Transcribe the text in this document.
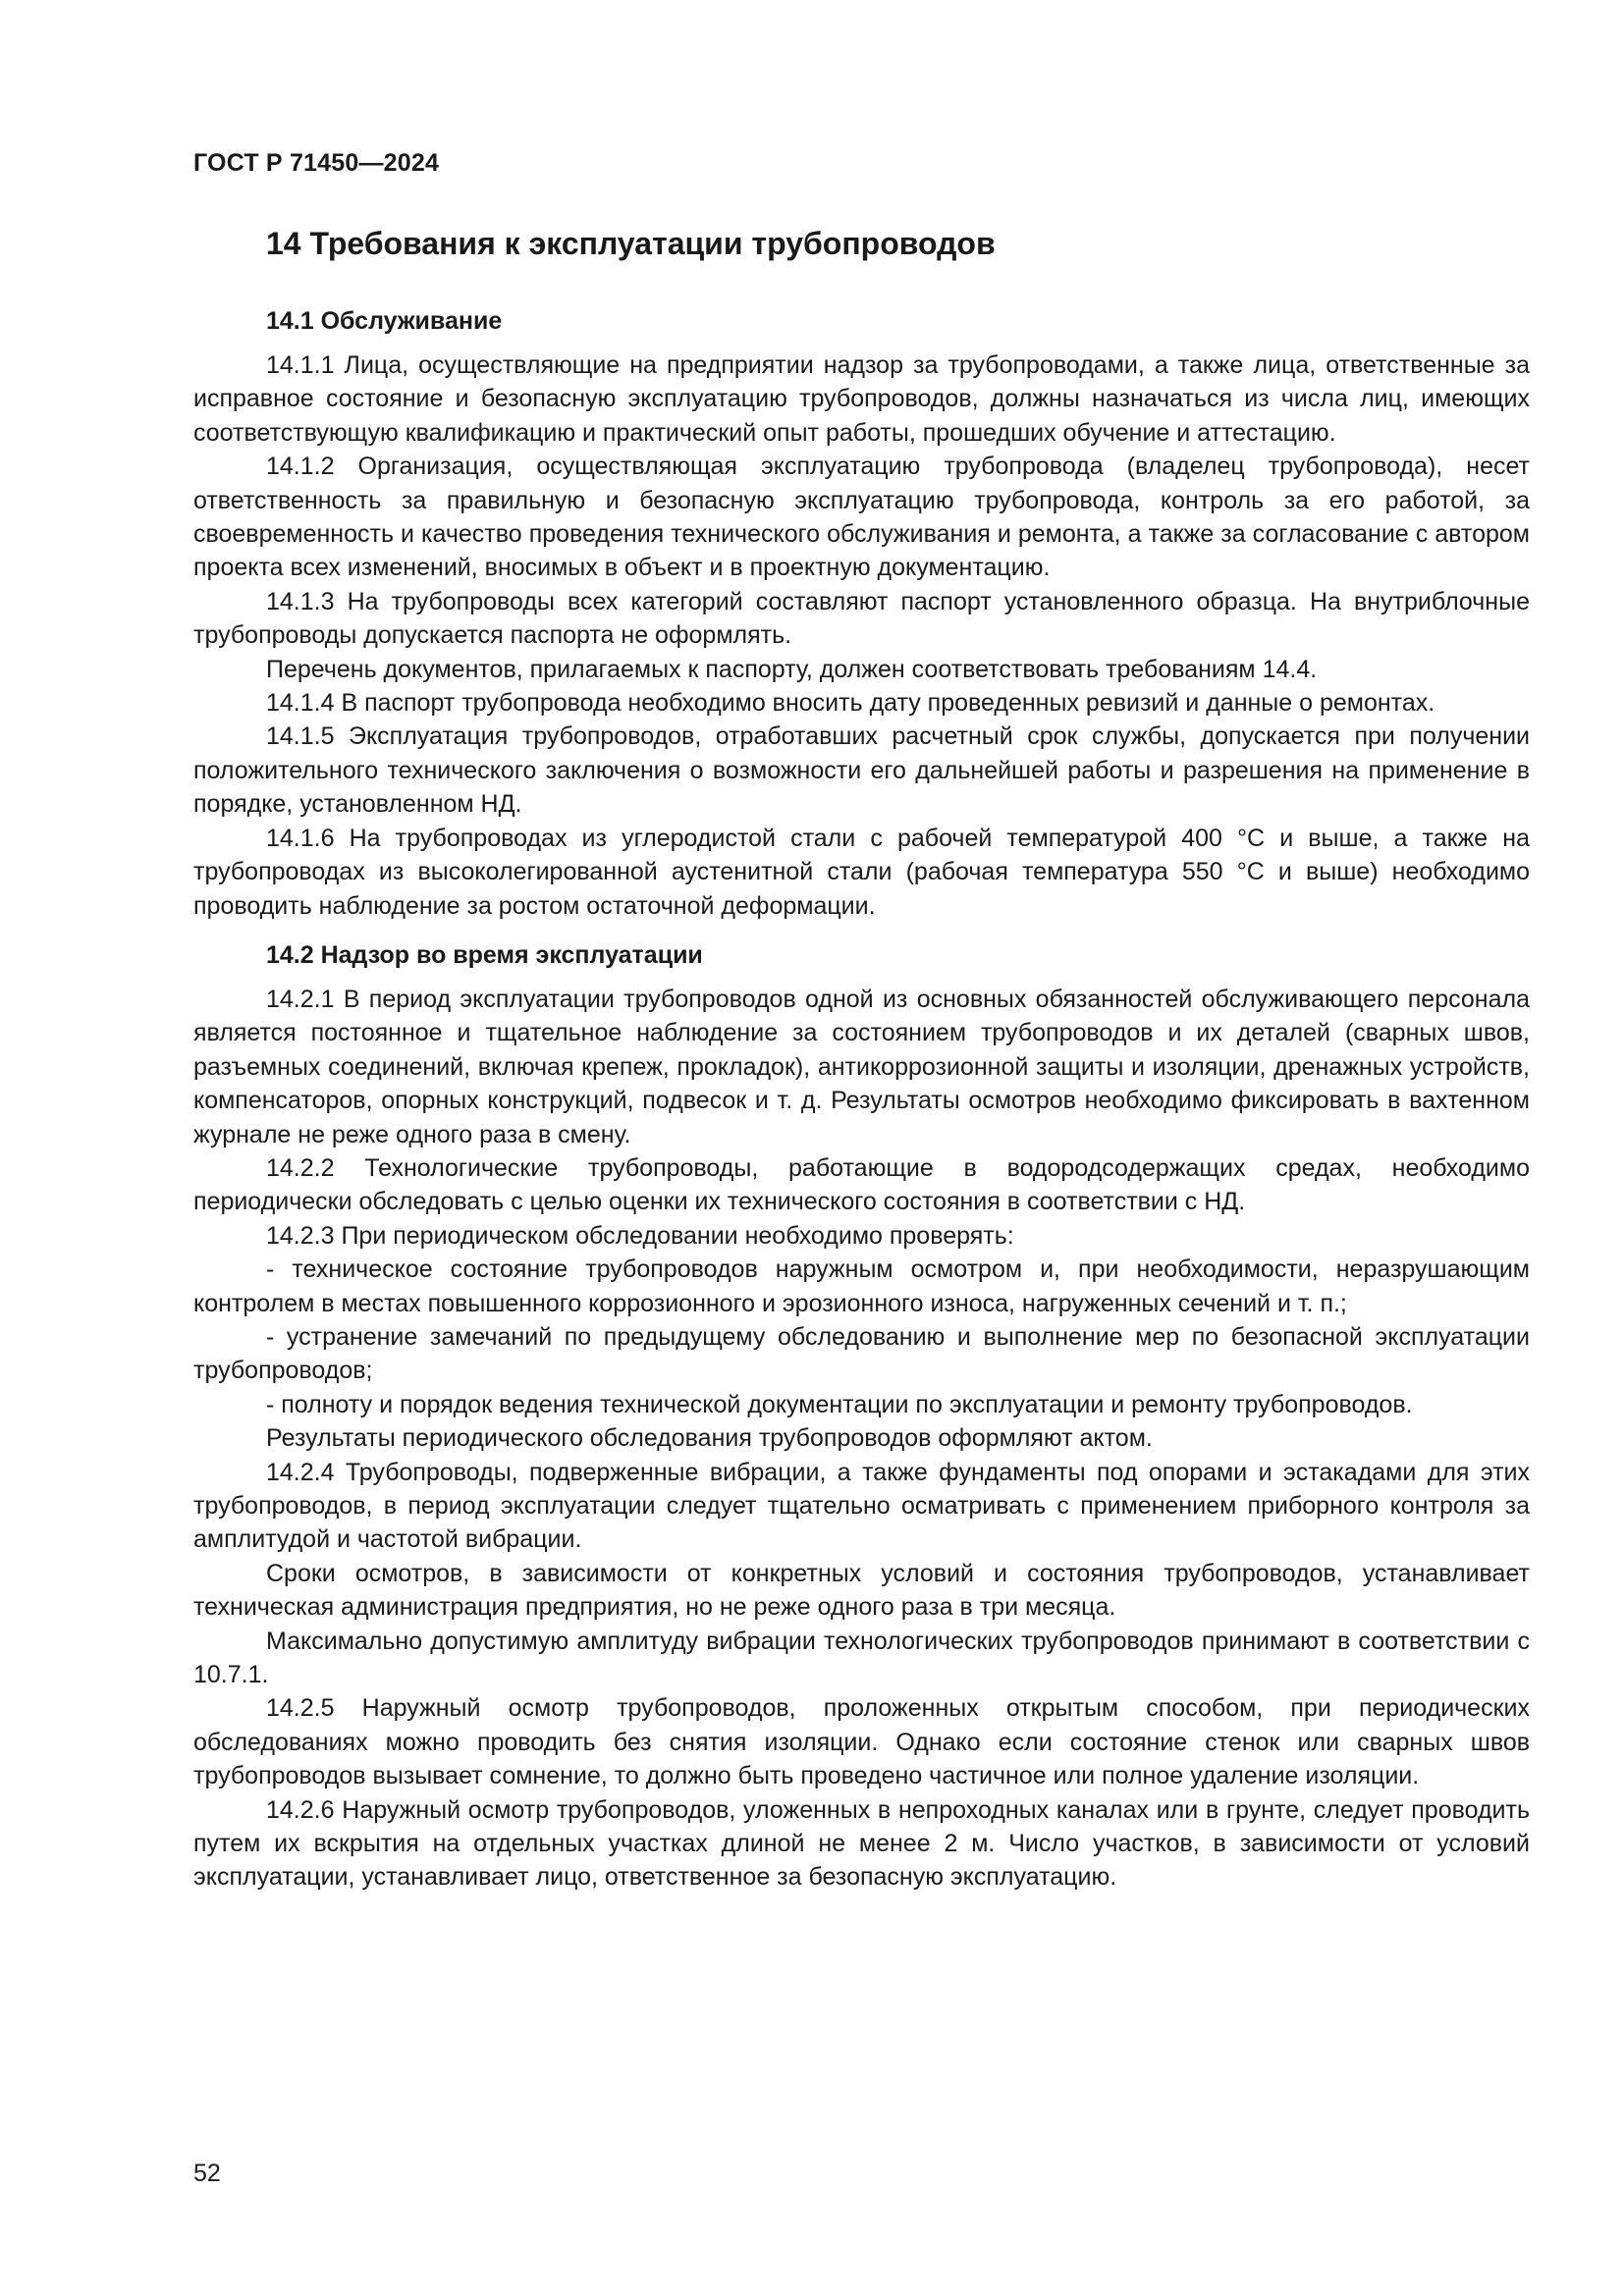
ГОСТ Р 71450—2024
14 Требования к эксплуатации трубопроводов
14.1 Обслуживание

14.1.1 Лица, осуществляющие на предприятии надзор за трубопроводами, а также лица, ответственные за исправное состояние и безопасную эксплуатацию трубопроводов, должны назначаться из числа лиц, имеющих соответствующую квалификацию и практический опыт работы, прошедших обучение и аттестацию.

14.1.2 Организация, осуществляющая эксплуатацию трубопровода (владелец трубопровода), несет ответственность за правильную и безопасную эксплуатацию трубопровода, контроль за его работой, за своевременность и качество проведения технического обслуживания и ремонта, а также за согласование с автором проекта всех изменений, вносимых в объект и в проектную документацию.

14.1.3 На трубопроводы всех категорий составляют паспорт установленного образца. На внутриблочные трубопроводы допускается паспорта не оформлять.

Перечень документов, прилагаемых к паспорту, должен соответствовать требованиям 14.4.

14.1.4 В паспорт трубопровода необходимо вносить дату проведенных ревизий и данные о ремонтах.

14.1.5 Эксплуатация трубопроводов, отработавших расчетный срок службы, допускается при получении положительного технического заключения о возможности его дальнейшей работы и разрешения на применение в порядке, установленном НД.

14.1.6 На трубопроводах из углеродистой стали с рабочей температурой 400 °С и выше, а также на трубопроводах из высоколегированной аустенитной стали (рабочая температура 550 °С и выше) необходимо проводить наблюдение за ростом остаточной деформации.

14.2 Надзор во время эксплуатации

14.2.1 В период эксплуатации трубопроводов одной из основных обязанностей обслуживающего персонала является постоянное и тщательное наблюдение за состоянием трубопроводов и их деталей (сварных швов, разъемных соединений, включая крепеж, прокладок), антикоррозионной защиты и изоляции, дренажных устройств, компенсаторов, опорных конструкций, подвесок и т. д. Результаты осмотров необходимо фиксировать в вахтенном журнале не реже одного раза в смену.

14.2.2 Технологические трубопроводы, работающие в водородсодержащих средах, необходимо периодически обследовать с целью оценки их технического состояния в соответствии с НД.

14.2.3 При периодическом обследовании необходимо проверять:

- техническое состояние трубопроводов наружным осмотром и, при необходимости, неразрушающим контролем в местах повышенного коррозионного и эрозионного износа, нагруженных сечений и т. п.;

- устранение замечаний по предыдущему обследованию и выполнение мер по безопасной эксплуатации трубопроводов;

- полноту и порядок ведения технической документации по эксплуатации и ремонту трубопроводов.

Результаты периодического обследования трубопроводов оформляют актом.

14.2.4 Трубопроводы, подверженные вибрации, а также фундаменты под опорами и эстакадами для этих трубопроводов, в период эксплуатации следует тщательно осматривать с применением приборного контроля за амплитудой и частотой вибрации.

Сроки осмотров, в зависимости от конкретных условий и состояния трубопроводов, устанавливает техническая администрация предприятия, но не реже одного раза в три месяца.

Максимально допустимую амплитуду вибрации технологических трубопроводов принимают в соответствии с 10.7.1.

14.2.5 Наружный осмотр трубопроводов, проложенных открытым способом, при периодических обследованиях можно проводить без снятия изоляции. Однако если состояние стенок или сварных швов трубопроводов вызывает сомнение, то должно быть проведено частичное или полное удаление изоляции.

14.2.6 Наружный осмотр трубопроводов, уложенных в непроходных каналах или в грунте, следует проводить путем их вскрытия на отдельных участках длиной не менее 2 м. Число участков, в зависимости от условий эксплуатации, устанавливает лицо, ответственное за безопасную эксплуатацию.

52
